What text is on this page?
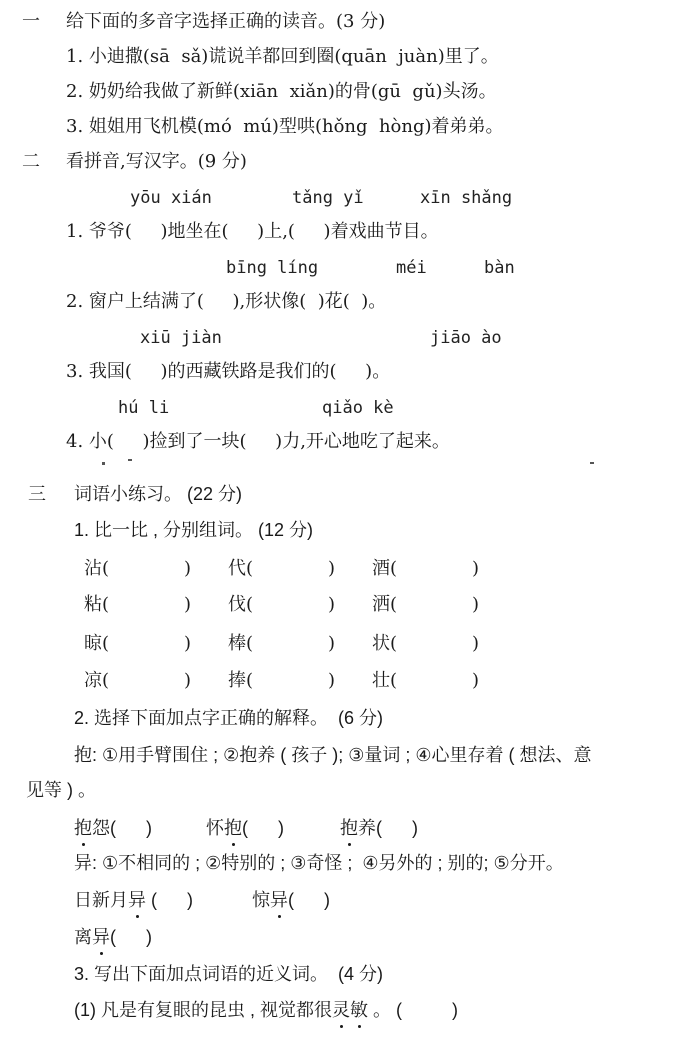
一 给下面的多音字选择正确的读音。(3 分)
1. 小迪撒(sā  sǎ)谎说羊都回到圈(quān  juàn)里了。
2. 奶奶给我做了新鲜(xiān  xiǎn)的骨(gū  gǔ)头汤。
3. 姐姐用飞机模(mó  mú)型哄(hǒng  hòng)着弟弟。
二 看拼音,写汉字。(9 分)
yōu xián	tǎng yǐ	xīn shǎng
1. 爷爷(     )地坐在(     )上,(     )着戏曲节目。
bīng líng	méi	bàn
2. 窗户上结满了(     ),形状像(  )花(  )。
xiū jiàn	jiāo ào
3. 我国(     )的西藏铁路是我们的(     )。
hú li	qiǎo kè
4. 小(     )捡到了一块(     )力,开心地吃了起来。
三 词语小练习。 (22 分)
1. 比一比 , 分别组词。 (12 分)
沾(	) 代(	) 酒(	)
粘(	) 伐(	) 洒(	)
晾(	) 棒(	) 状(	)
凉(	) 捧(	) 壮(	)
2. 选择下面加点字正确的解释。  (6 分)
抱: ①用手臂围住 ; ②抱养 ( 孩子 ); ③量词 ; ④心里存着 ( 想法、意
见等 ) 。
抱怨(      )	怀抱(      )	抱养(      )
异: ①不相同的 ; ②特别的 ; ③奇怪 ;  ④另外的 ; 别的; ⑤分开。
日新月异 (      )	惊异(      )
离异(      )
3. 写出下面加点词语的近义词。  (4 分)
(1) 凡是有复眼的昆虫 , 视觉都很灵敏 。 (          )
